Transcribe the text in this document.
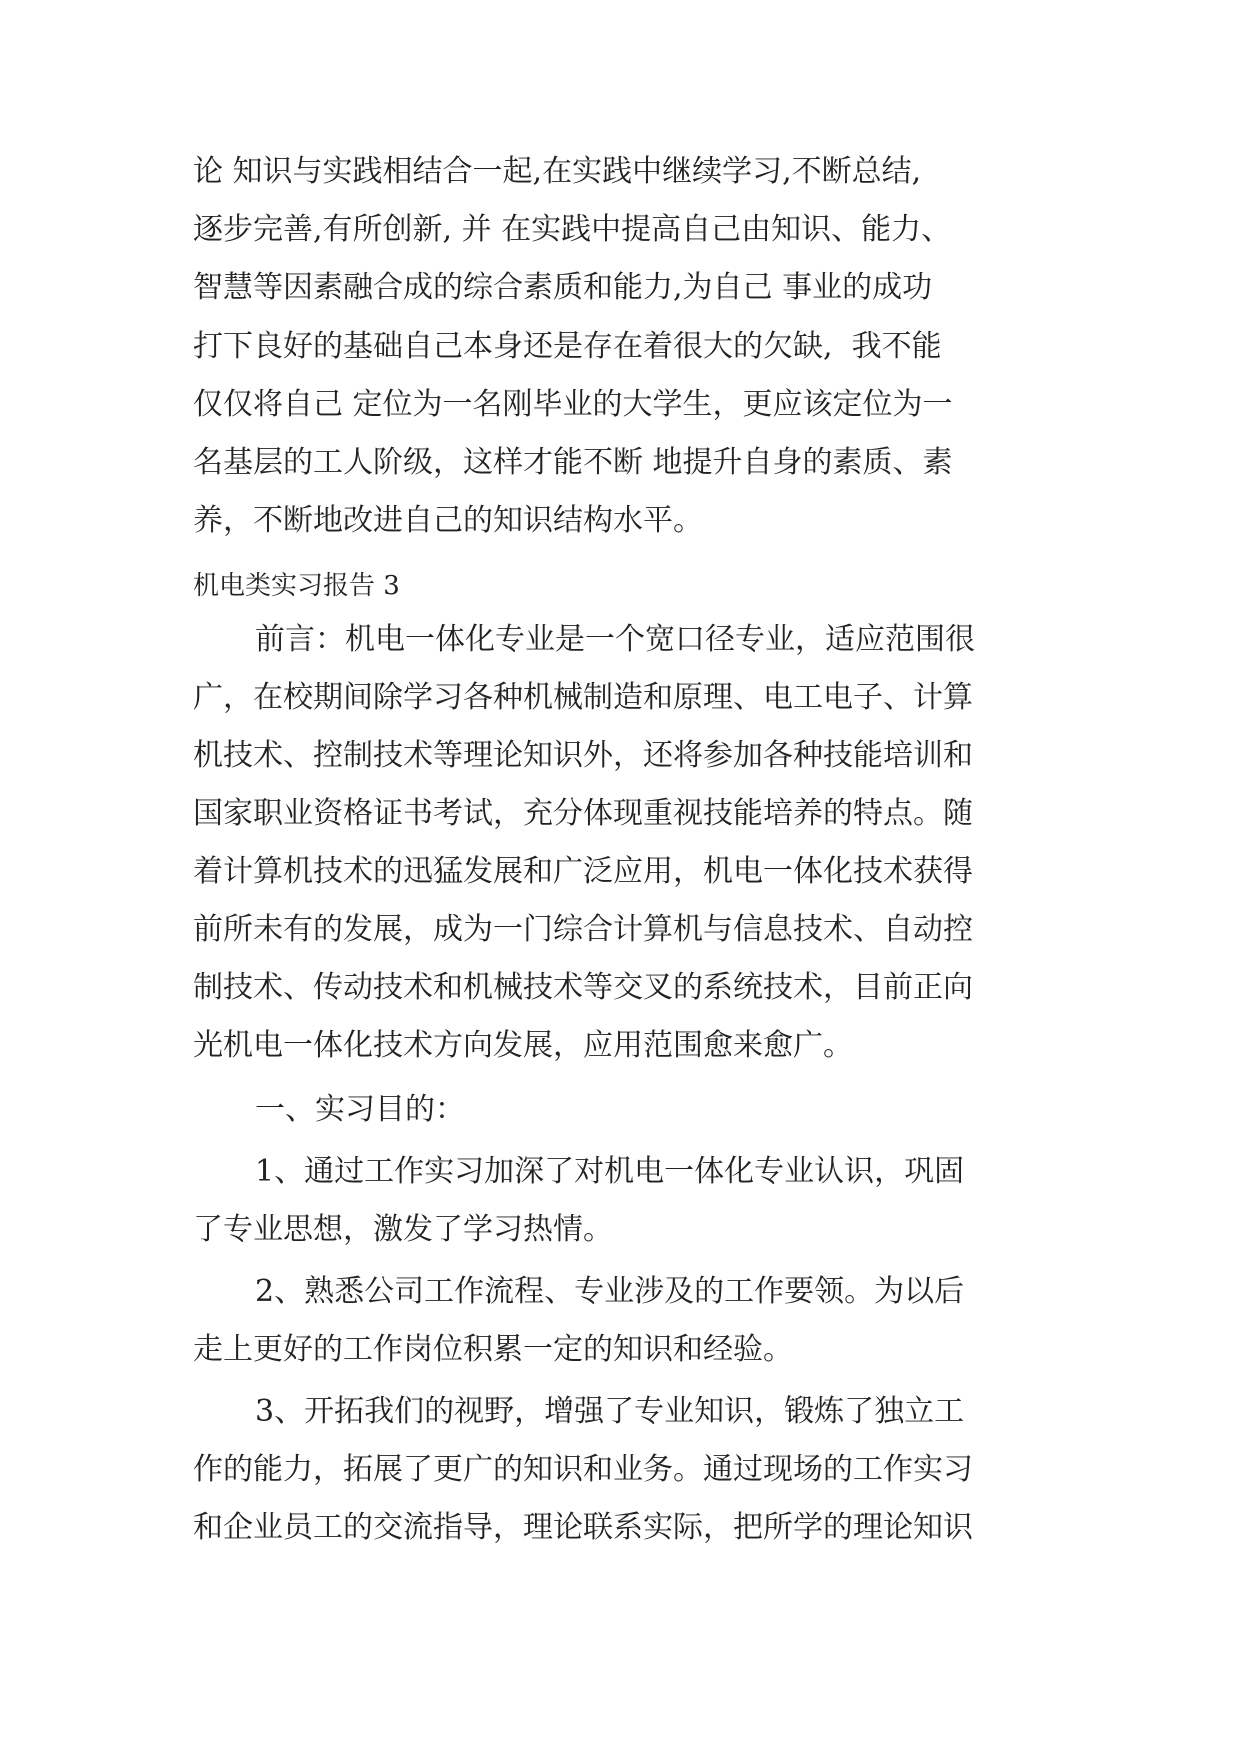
论 知识与实践相结合一起,在实践中继续学习,不断总结,
逐步完善,有所创新, 并 在实践中提高自己由知识、能力、
智慧等因素融合成的综合素质和能力,为自己 事业的成功
打下良好的基础自己本身还是存在着很大的欠缺,  我不能
仅仅将自己 定位为一名刚毕业的大学生，更应该定位为一
名基层的工人阶级，这样才能不断 地提升自身的素质、素
养，不断地改进自己的知识结构水平。
机电类实习报告 3
前言：机电一体化专业是一个宽口径专业，适应范围很
广，在校期间除学习各种机械制造和原理、电工电子、计算
机技术、控制技术等理论知识外，还将参加各种技能培训和
国家职业资格证书考试，充分体现重视技能培养的特点。随
着计算机技术的迅猛发展和广泛应用，机电一体化技术获得
前所未有的发展，成为一门综合计算机与信息技术、自动控
制技术、传动技术和机械技术等交叉的系统技术，目前正向
光机电一体化技术方向发展，应用范围愈来愈广。
一、实习目的：
1、通过工作实习加深了对机电一体化专业认识，巩固
了专业思想，激发了学习热情。
2、熟悉公司工作流程、专业涉及的工作要领。为以后
走上更好的工作岗位积累一定的知识和经验。
3、开拓我们的视野，增强了专业知识，锻炼了独立工
作的能力，拓展了更广的知识和业务。通过现场的工作实习
和企业员工的交流指导，理论联系实际，把所学的理论知识
